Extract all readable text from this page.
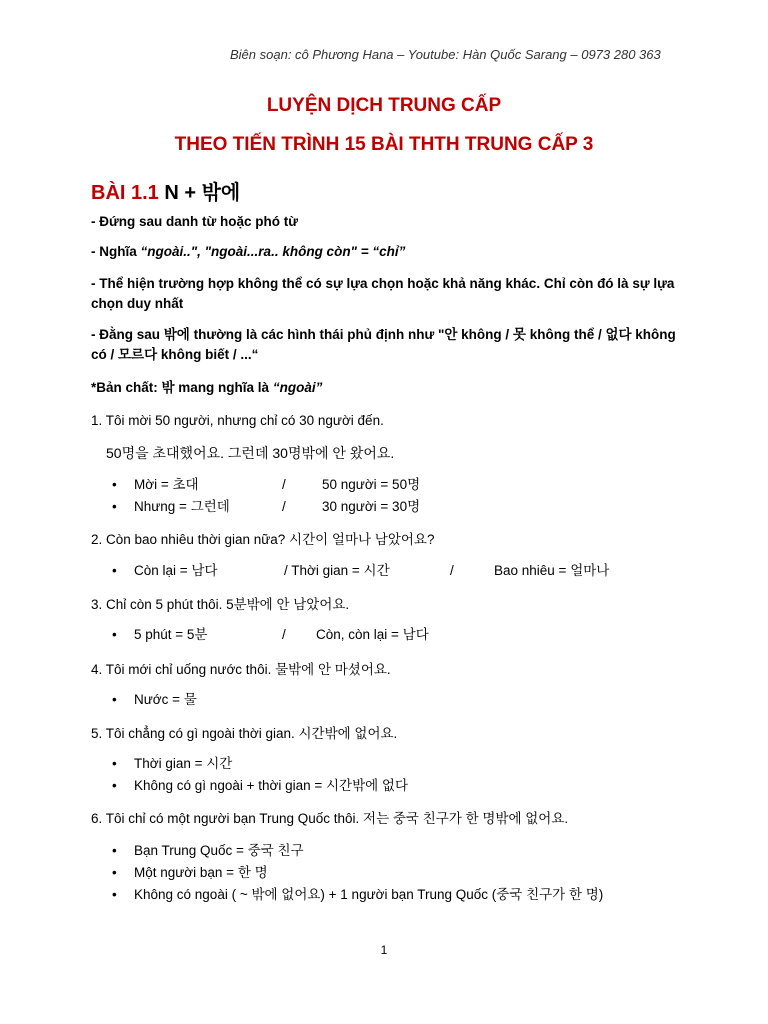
Biên soạn: cô Phương Hana – Youtube: Hàn Quốc Sarang – 0973 280 363
LUYỆN DỊCH TRUNG CẤP
THEO TIẾN TRÌNH 15 BÀI THTH TRUNG CẤP 3
BÀI 1.1 N + 밖에
- Đứng sau danh từ hoặc phó từ
- Nghĩa “ngoài..", "ngoài...ra.. không còn" = “chỉ”
- Thể hiện trường hợp không thể có sự lựa chọn hoặc khả năng khác. Chỉ còn đó là sự lựa chọn duy nhất
- Đằng sau 밖에 thường là các hình thái phủ định như "안 không / 못 không thể / 없다 không có / 모르다 không biết / ...“
*Bản chất: 밖 mang nghĩa là “ngoài”
1. Tôi mời 50 người, nhưng chỉ có 30 người đến.
50명을 초대했어요. 그런데 30명밖에 안 왔어요.
• Mời = 초대	/	50 người = 50명
• Nhưng = 그런데	/	30 người = 30명
2. Còn bao nhiêu thời gian nữa? 시간이 얼마나 남았어요?
• Còn lại = 남다	/ Thời gian = 시간	/	Bao nhiêu = 얼마나
3. Chỉ còn 5 phút thôi. 5분밖에 안 남았어요.
• 5 phút = 5분	/ Còn, còn lại = 남다
4. Tôi mới chỉ uống nước thôi. 물밖에 안 마셨어요.
• Nước = 물
5. Tôi chẳng có gì ngoài thời gian. 시간밖에 없어요.
• Thời gian = 시간
• Không có gì ngoài + thời gian = 시간밖에 없다
6. Tôi chỉ có một người bạn Trung Quốc thôi. 저는 중국 친구가 한 명밖에 없어요.
• Bạn Trung Quốc = 중국 친구
• Một người bạn = 한 명
• Không có ngoài ( ~ 밖에 없어요) + 1 người bạn Trung Quốc (중국 친구가 한 명)
1
